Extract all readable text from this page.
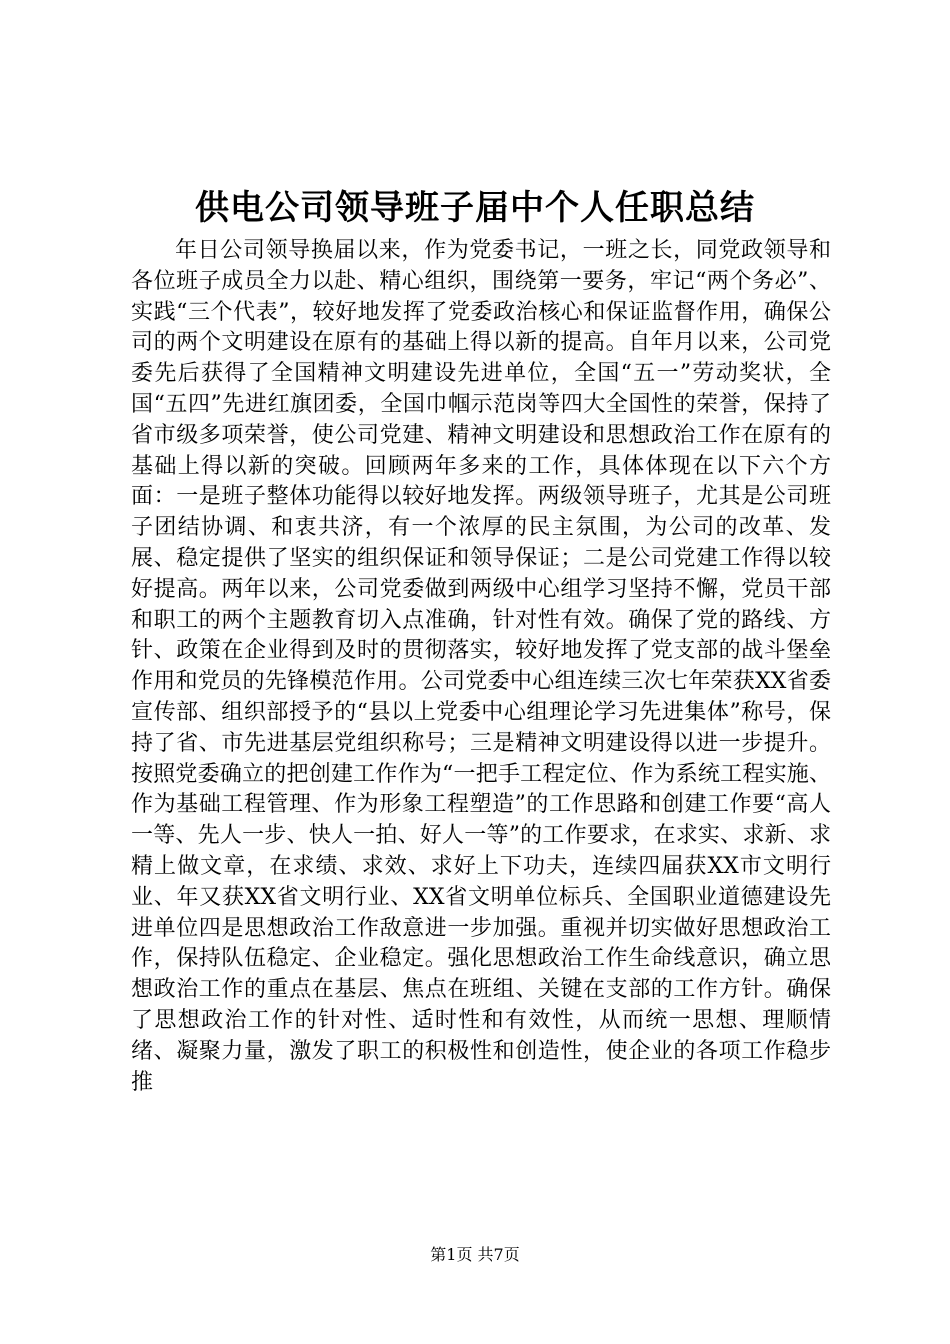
供电公司领导班子届中个人任职总结

年日公司领导换届以来，作为党委书记，一班之长，同党政领导和各位班子成员全力以赴、精心组织，围绕第一要务，牢记“两个务必”、实践“三个代表”，较好地发挥了党委政治核心和保证监督作用，确保公司的两个文明建设在原有的基础上得以新的提高。自年月以来，公司党委先后获得了全国精神文明建设先进单位，全国“五一”劳动奖状，全国“五四”先进红旗团委，全国巾帼示范岗等四大全国性的荣誉，保持了省市级多项荣誉，使公司党建、精神文明建设和思想政治工作在原有的基础上得以新的突破。回顾两年多来的工作，具体体现在以下六个方面：一是班子整体功能得以较好地发挥。两级领导班子，尤其是公司班子团结协调、和衷共济，有一个浓厚的民主氛围，为公司的改革、发展、稳定提供了坚实的组织保证和领导保证；二是公司党建工作得以较好提高。两年以来，公司党委做到两级中心组学习坚持不懈，党员干部和职工的两个主题教育切入点准确，针对性有效。确保了党的路线、方针、政策在企业得到及时的贯彻落实，较好地发挥了党支部的战斗堡垒作用和党员的先锋模范作用。公司党委中心组连续三次七年荣获XX省委宣传部、组织部授予的“县以上党委中心组理论学习先进集体”称号，保持了省、市先进基层党组织称号；三是精神文明建设得以进一步提升。按照党委确立的把创建工作作为“一把手工程定位、作为系统工程实施、作为基础工程管理、作为形象工程塑造”的工作思路和创建工作要“高人一等、先人一步、快人一拍、好人一等”的工作要求，在求实、求新、求精上做文章，在求绩、求效、求好上下功夫，连续四届获XX市文明行业、年又获XX省文明行业、XX省文明单位标兵、全国职业道德建设先进单位四是思想政治工作敌意进一步加强。重视并切实做好思想政治工作，保持队伍稳定、企业稳定。强化思想政治工作生命线意识，确立思想政治工作的重点在基层、焦点在班组、关键在支部的工作方针。确保了思想政治工作的针对性、适时性和有效性，从而统一思想、理顺情绪、凝聚力量，激发了职工的积极性和创造性，使企业的各项工作稳步推

第1页 共7页
